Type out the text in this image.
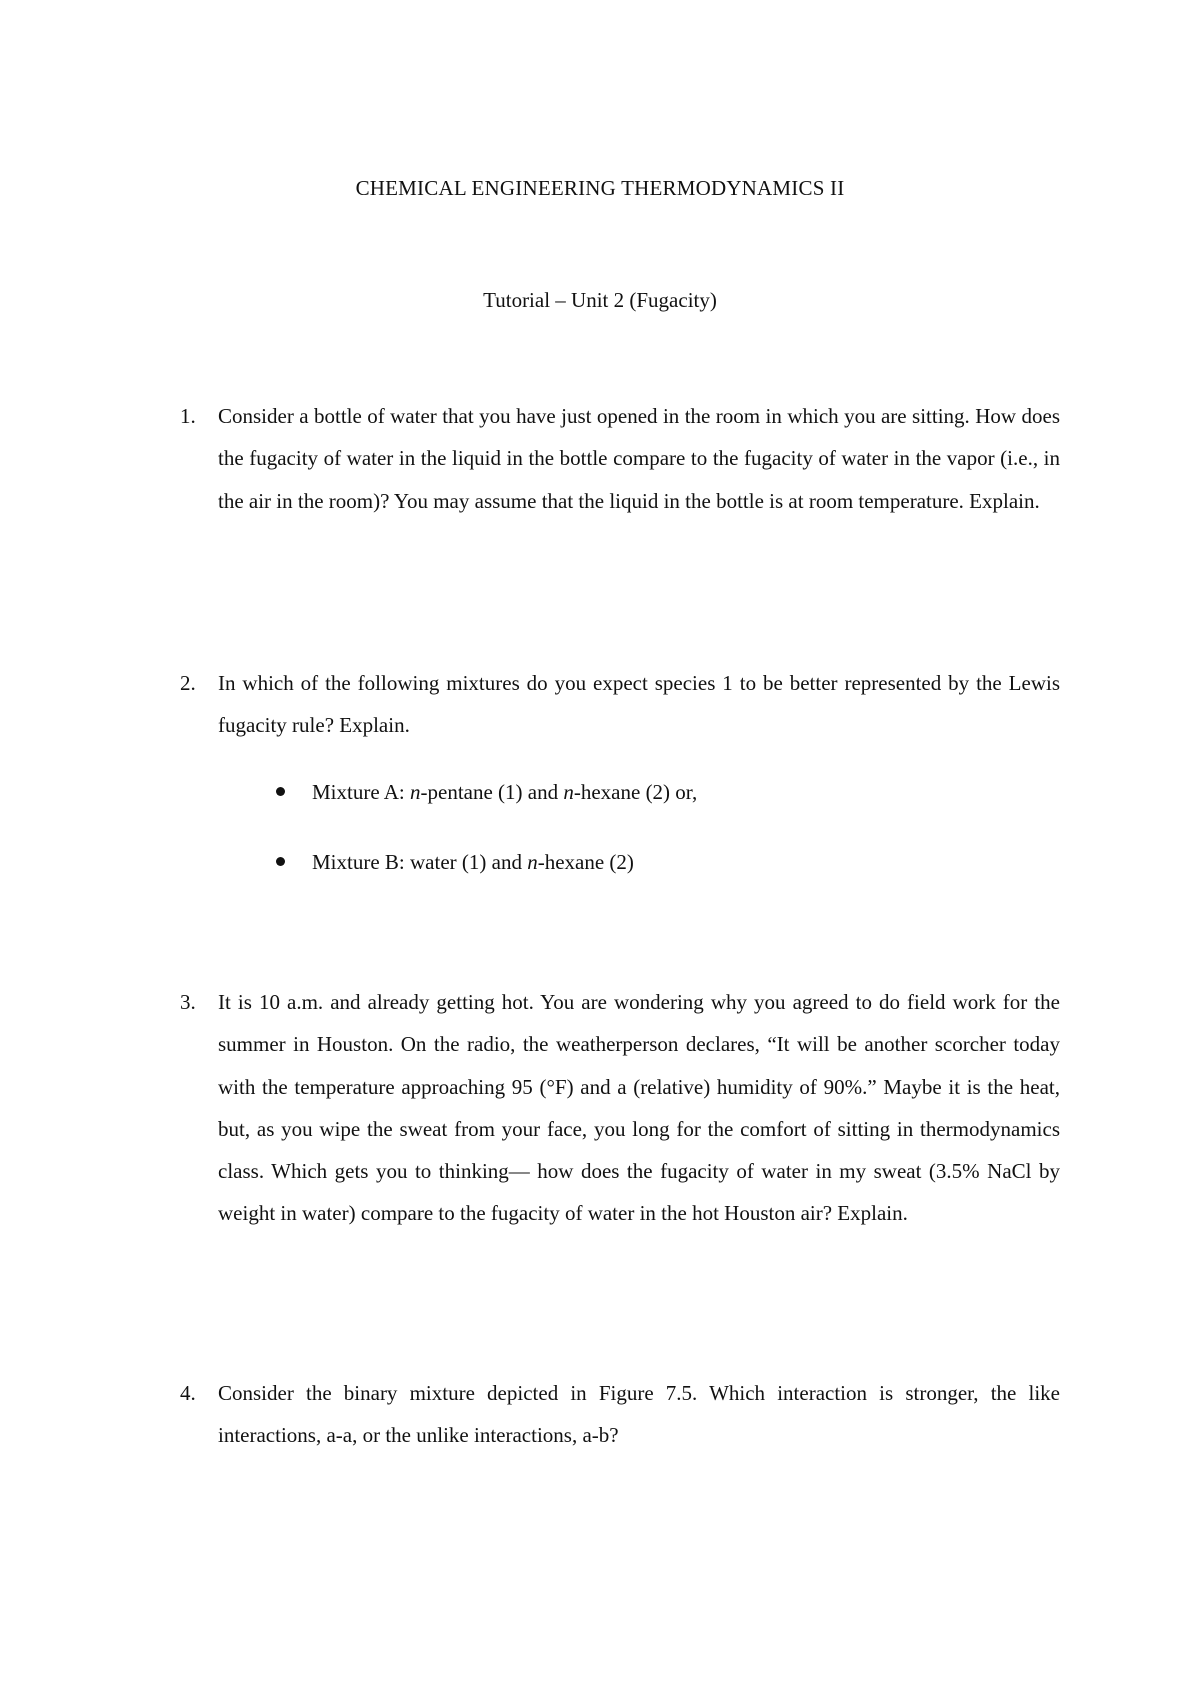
CHEMICAL ENGINEERING THERMODYNAMICS II
Tutorial – Unit 2 (Fugacity)
1.	Consider a bottle of water that you have just opened in the room in which you are sitting. How does the fugacity of water in the liquid in the bottle compare to the fugacity of water in the vapor (i.e., in the air in the room)? You may assume that the liquid in the bottle is at room temperature. Explain.
2.	In which of the following mixtures do you expect species 1 to be better represented by the Lewis fugacity rule? Explain.
Mixture A: n-pentane (1) and n-hexane (2) or,
Mixture B: water (1) and n-hexane (2)
3.	It is 10 a.m. and already getting hot. You are wondering why you agreed to do field work for the summer in Houston. On the radio, the weatherperson declares, “It will be another scorcher today with the temperature approaching 95 (°F) and a (relative) humidity of 90%.” Maybe it is the heat, but, as you wipe the sweat from your face, you long for the comfort of sitting in thermodynamics class. Which gets you to thinking— how does the fugacity of water in my sweat (3.5% NaCl by weight in water) compare to the fugacity of water in the hot Houston air? Explain.
4.	Consider the binary mixture depicted in Figure 7.5. Which interaction is stronger, the like interactions, a-a, or the unlike interactions, a-b?
